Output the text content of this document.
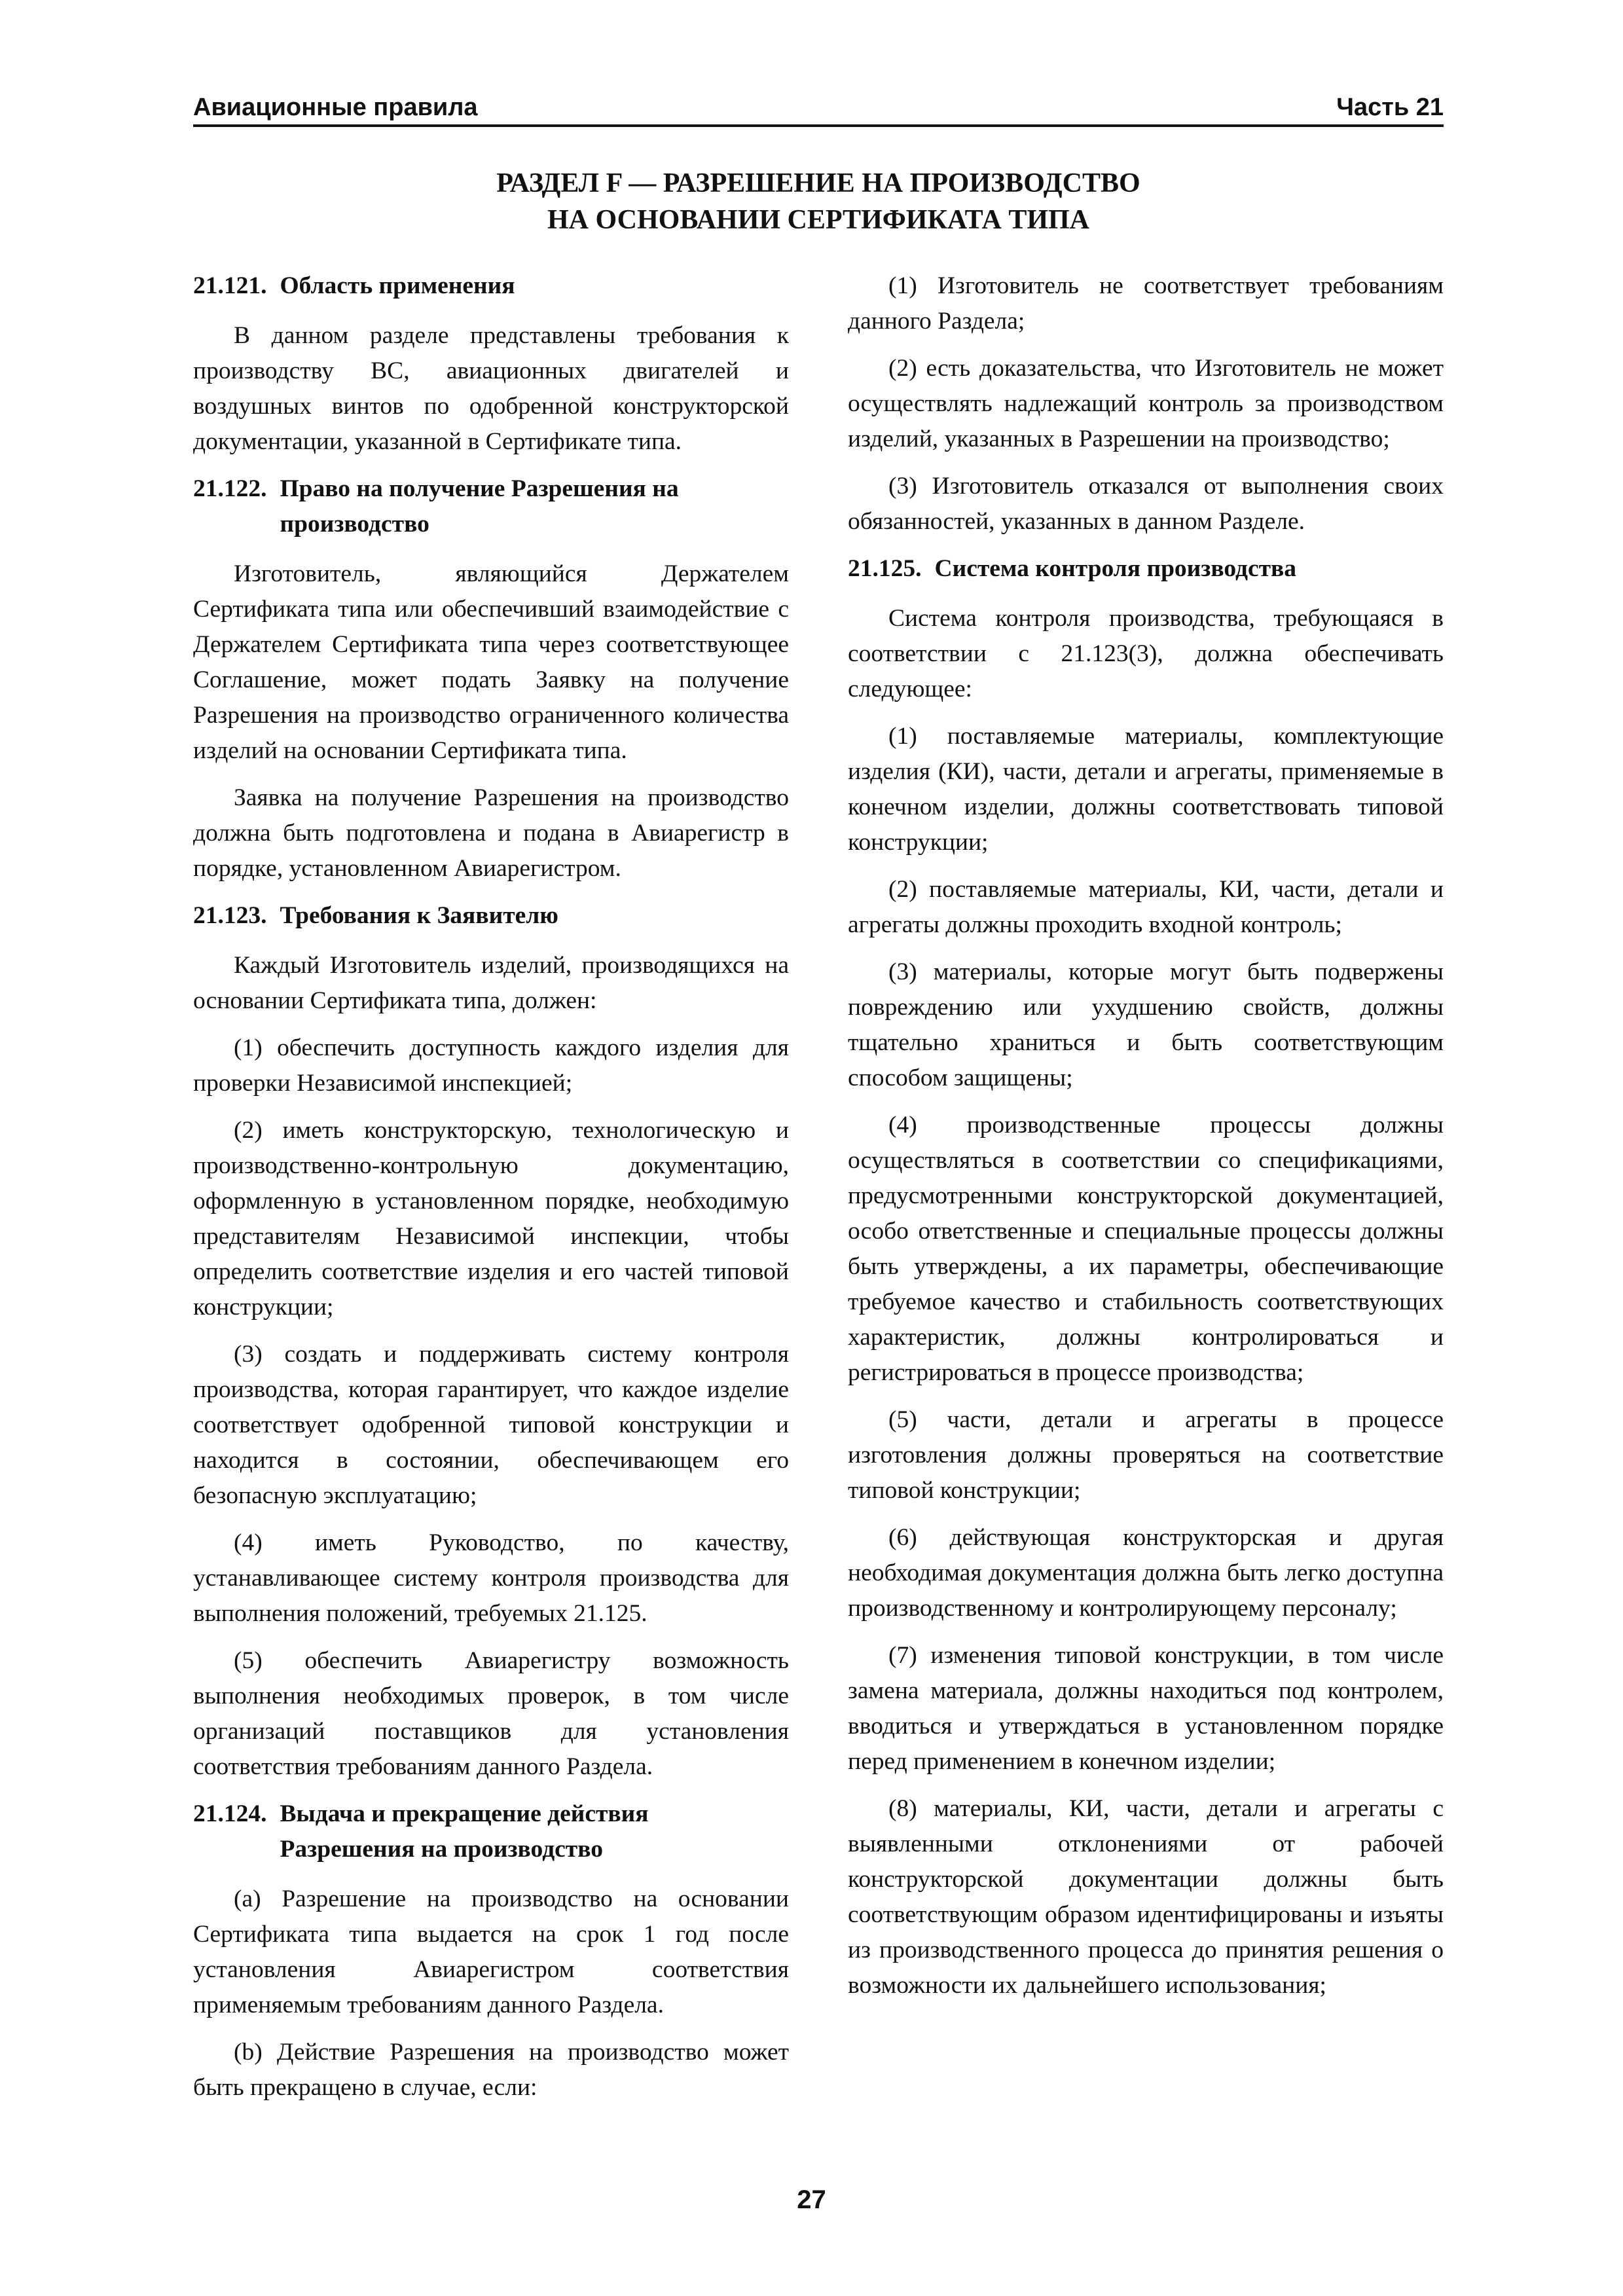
Авиационные правила	Часть 21
РАЗДЕЛ F — РАЗРЕШЕНИЕ НА ПРОИЗВОДСТВО
НА ОСНОВАНИИ СЕРТИФИКАТА ТИПА
21.121. Область применения

В данном разделе представлены требования к производству ВС, авиационных двигателей и воздушных винтов по одобренной конструкторской документации, указанной в Сертификате типа.

21.122. Право на получение Разрешения на производство

Изготовитель, являющийся Держателем Сертификата типа или обеспечивший взаимодействие с Держателем Сертификата типа через соответствующее Соглашение, может подать Заявку на получение Разрешения на производство ограниченного количества изделий на основании Сертификата типа.

Заявка на получение Разрешения на производство должна быть подготовлена и подана в Авиарегистр в порядке, установленном Авиарегистром.

21.123. Требования к Заявителю

Каждый Изготовитель изделий, производящихся на основании Сертификата типа, должен:

(1) обеспечить доступность каждого изделия для проверки Независимой инспекцией;

(2) иметь конструкторскую, технологическую и производственно-контрольную документацию, оформленную в установленном порядке, необходимую представителям Независимой инспекции, чтобы определить соответствие изделия и его частей типовой конструкции;

(3) создать и поддерживать систему контроля производства, которая гарантирует, что каждое изделие соответствует одобренной типовой конструкции и находится в состоянии, обеспечивающем его безопасную эксплуатацию;

(4) иметь Руководство, по качеству, устанавливающее систему контроля производства для выполнения положений, требуемых 21.125.

(5) обеспечить Авиарегистру возможность выполнения необходимых проверок, в том числе организаций поставщиков для установления соответствия требованиям данного Раздела.

21.124. Выдача и прекращение действия Разрешения на производство

(a) Разрешение на производство на основании Сертификата типа выдается на срок 1 год после установления Авиарегистром соответствия применяемым требованиям данного Раздела.

(b) Действие Разрешения на производство может быть прекращено в случае, если:

(1) Изготовитель не соответствует требованиям данного Раздела;

(2) есть доказательства, что Изготовитель не может осуществлять надлежащий контроль за производством изделий, указанных в Разрешении на производство;

(3) Изготовитель отказался от выполнения своих обязанностей, указанных в данном Разделе.

21.125. Система контроля производства

Система контроля производства, требующаяся в соответствии с 21.123(3), должна обеспечивать следующее:

(1) поставляемые материалы, комплектующие изделия (КИ), части, детали и агрегаты, применяемые в конечном изделии, должны соответствовать типовой конструкции;

(2) поставляемые материалы, КИ, части, детали и агрегаты должны проходить входной контроль;

(3) материалы, которые могут быть подвержены повреждению или ухудшению свойств, должны тщательно храниться и быть соответствующим способом защищены;

(4) производственные процессы должны осуществляться в соответствии со спецификациями, предусмотренными конструкторской документацией, особо ответственные и специальные процессы должны быть утверждены, а их параметры, обеспечивающие требуемое качество и стабильность соответствующих характеристик, должны контролироваться и регистрироваться в процессе производства;

(5) части, детали и агрегаты в процессе изготовления должны проверяться на соответствие типовой конструкции;

(6) действующая конструкторская и другая необходимая документация должна быть легко доступна производственному и контролирующему персоналу;

(7) изменения типовой конструкции, в том числе замена материала, должны находиться под контролем, вводиться и утверждаться в установленном порядке перед применением в конечном изделии;

(8) материалы, КИ, части, детали и агрегаты с выявленными отклонениями от рабочей конструкторской документации должны быть соответствующим образом идентифицированы и изъяты из производственного процесса до принятия решения о возможности их дальнейшего использования;

27
